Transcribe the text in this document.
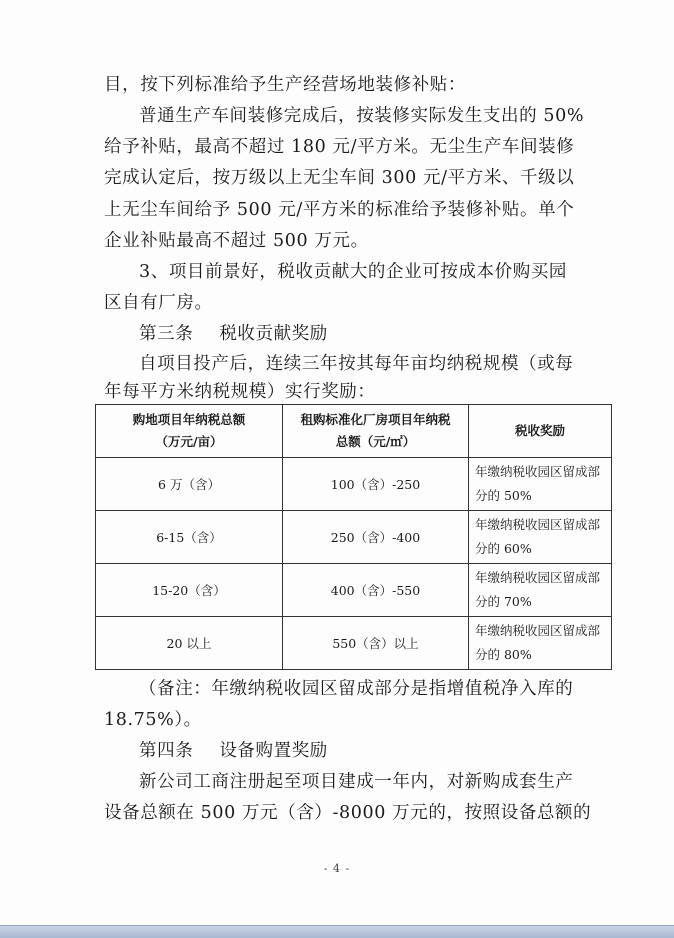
目，按下列标准给予生产经营场地装修补贴：

普通生产车间装修完成后，按装修实际发生支出的 50%

给予补贴，最高不超过 180 元/平方米。无尘生产车间装修

完成认定后，按万级以上无尘车间 300 元/平方米、千级以

上无尘车间给予 500 元/平方米的标准给予装修补贴。单个

企业补贴最高不超过 500 万元。

3、项目前景好，税收贡献大的企业可按成本价购买园

区自有厂房。

第三条 税收贡献奖励

自项目投产后，连续三年按其每年亩均纳税规模（或每

年每平方米纳税规模）实行奖励：

购地项目年纳税总额
（万元/亩）	租购标准化厂房项目年纳税
总额（元/㎡）	税收奖励
6 万（含）	100（含）-250	年缴纳税收园区留成部
分的 50%
6-15（含）	250（含）-400	年缴纳税收园区留成部
分的 60%
15-20（含）	400（含）-550	年缴纳税收园区留成部
分的 70%
20 以上	550（含）以上	年缴纳税收园区留成部
分的 80%

（备注：年缴纳税收园区留成部分是指增值税净入库的

18.75%）。

第四条 设备购置奖励

新公司工商注册起至项目建成一年内，对新购成套生产

设备总额在 500 万元（含）-8000 万元的，按照设备总额的

- 4 -
